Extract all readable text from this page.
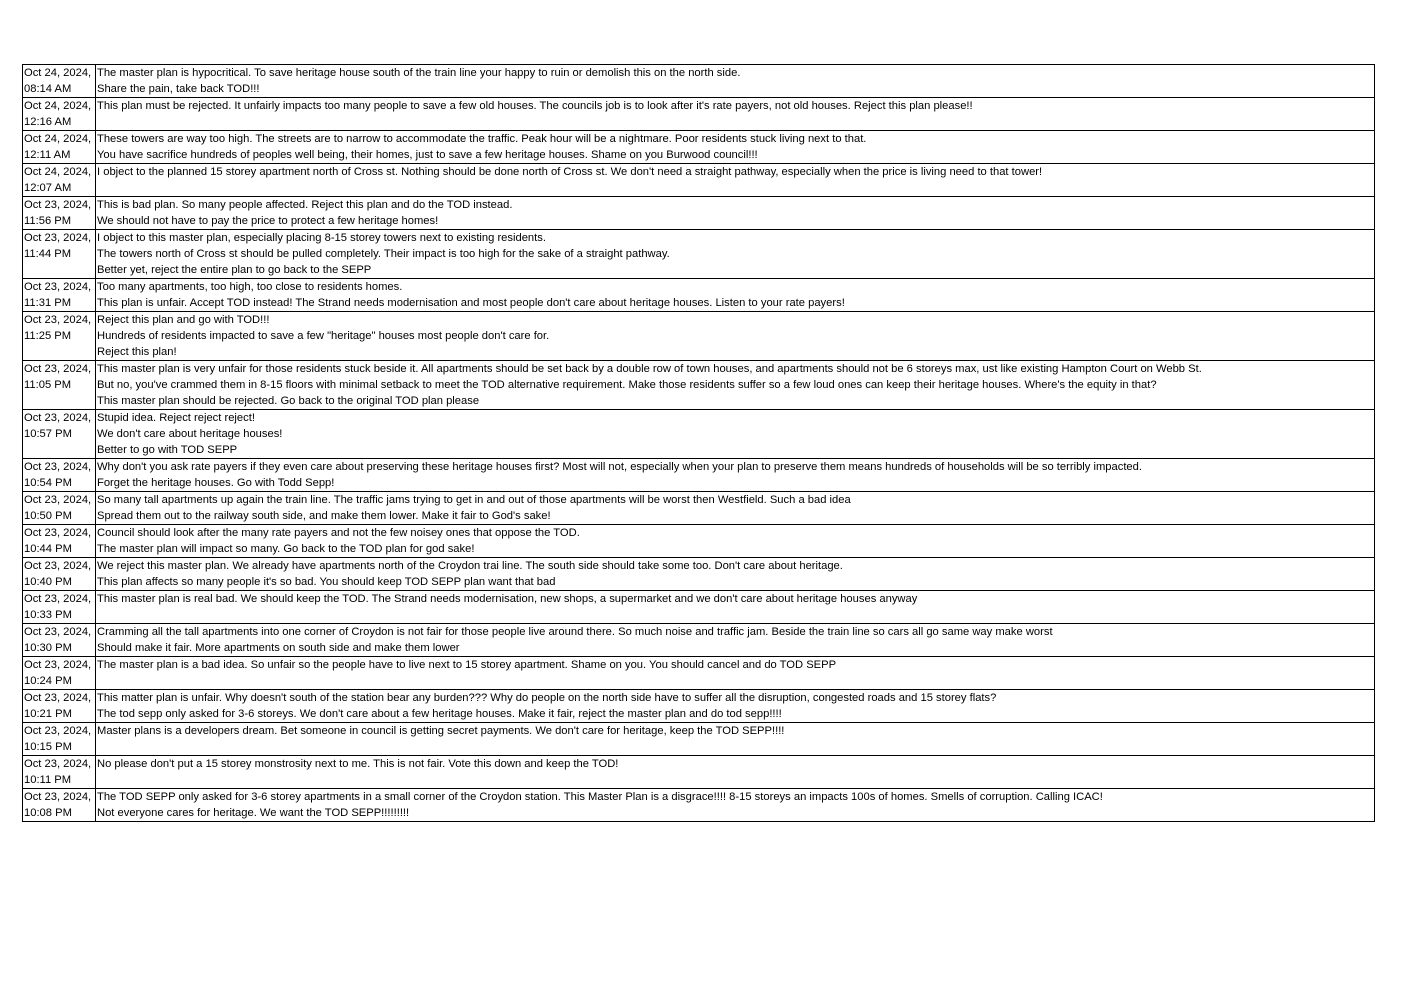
Oct 24, 2024,
08:14 AM	The master plan is hypocritical. To save heritage house south of the train line your happy to ruin or demolish this on the north side.
Share the pain, take back TOD!!!

Oct 24, 2024,
12:16 AM	This plan must be rejected. It unfairly impacts too many people to save a few old houses. The councils job is to look after it's rate payers, not old houses. Reject this plan please!!

Oct 24, 2024,
12:11 AM	These towers are way too high. The streets are to narrow to accommodate the traffic. Peak hour will be a nightmare. Poor residents stuck living next to that.
You have sacrifice hundreds of peoples well being, their homes, just to save a few heritage houses. Shame on you Burwood council!!!

Oct 24, 2024,
12:07 AM	I object to the planned 15 storey apartment north of Cross st. Nothing should be done north of Cross st. We don't need a straight pathway, especially when the price is living need to that tower!

Oct 23, 2024,
11:56 PM	This is bad plan. So many people affected. Reject this plan and do the TOD instead.
We should not have to pay the price to protect a few heritage homes!

Oct 23, 2024,
11:44 PM	I object to this master plan, especially placing 8-15 storey towers next to existing residents.
The towers north of Cross st should be pulled completely. Their impact is too high for the sake of a straight pathway.
Better yet, reject the entire plan to go back to the SEPP

Oct 23, 2024,
11:31 PM	Too many apartments, too high, too close to residents homes.
This plan is unfair. Accept TOD instead! The Strand needs modernisation and most people don't care about heritage houses. Listen to your rate payers!

Oct 23, 2024,
11:25 PM	Reject this plan and go with TOD!!!
Hundreds of residents impacted to save a few "heritage" houses most people don't care for.
Reject this plan!

Oct 23, 2024,
11:05 PM	This master plan is very unfair for those residents stuck beside it. All apartments should be set back by a double row of town houses, and apartments should not be 6 storeys max, ust like existing Hampton Court on Webb St.
But no, you've crammed them in 8-15 floors with minimal setback to meet the TOD alternative requirement. Make those residents suffer so a few loud ones can keep their heritage houses. Where's the equity in that?
This master plan should be rejected. Go back to the original TOD plan please

Oct 23, 2024,
10:57 PM	Stupid idea. Reject reject reject!
We don't care about heritage houses!
Better to go with TOD SEPP

Oct 23, 2024,
10:54 PM	Why don't you ask rate payers if they even care about preserving these heritage houses first? Most will not, especially when your plan to preserve them means hundreds of households will be so terribly impacted.
Forget the heritage houses. Go with Todd Sepp!

Oct 23, 2024,
10:50 PM	So many tall apartments up again the train line. The traffic jams trying to get in and out of those apartments will be worst then Westfield. Such a bad idea
Spread them out to the railway south side, and make them lower. Make it fair to God's sake!

Oct 23, 2024,
10:44 PM	Council should look after the many rate payers and not the few noisey ones that oppose the TOD.
The master plan will impact so many. Go back to the TOD plan for god sake!

Oct 23, 2024,
10:40 PM	We reject this master plan. We already have apartments north of the Croydon trai line. The south side should take some too. Don't care about heritage.
This plan affects so many people it's so bad. You should keep TOD SEPP plan want that bad

Oct 23, 2024,
10:33 PM	This master plan is real bad. We should keep the TOD. The Strand needs modernisation, new shops, a supermarket and we don't care about heritage houses anyway

Oct 23, 2024,
10:30 PM	Cramming all the tall apartments into one corner of Croydon is not fair for those people live around there. So much noise and traffic jam. Beside the train line so cars all go same way make worst
Should make it fair. More apartments on south side and make them lower

Oct 23, 2024,
10:24 PM	The master plan is a bad idea. So unfair so the people have to live next to 15 storey apartment. Shame on you. You should cancel and do TOD SEPP

Oct 23, 2024,
10:21 PM	This matter plan is unfair. Why doesn't south of the station bear any burden??? Why do people on the north side have to suffer all the disruption, congested roads and 15 storey flats?
The tod sepp only asked for 3-6 storeys. We don't care about a few heritage houses. Make it fair, reject the master plan and do tod sepp!!!!

Oct 23, 2024,
10:15 PM	Master plans is a developers dream. Bet someone in council is getting secret payments. We don't care for heritage, keep the TOD SEPP!!!!

Oct 23, 2024,
10:11 PM	No please don't put a 15 storey monstrosity next to me. This is not fair. Vote this down and keep the TOD!

Oct 23, 2024,
10:08 PM	The TOD SEPP only asked for 3-6 storey apartments in a small corner of the Croydon station. This Master Plan is a disgrace!!!! 8-15 storeys an impacts 100s of homes. Smells of corruption. Calling ICAC!
Not everyone cares for heritage. We want the TOD SEPP!!!!!!!!!
